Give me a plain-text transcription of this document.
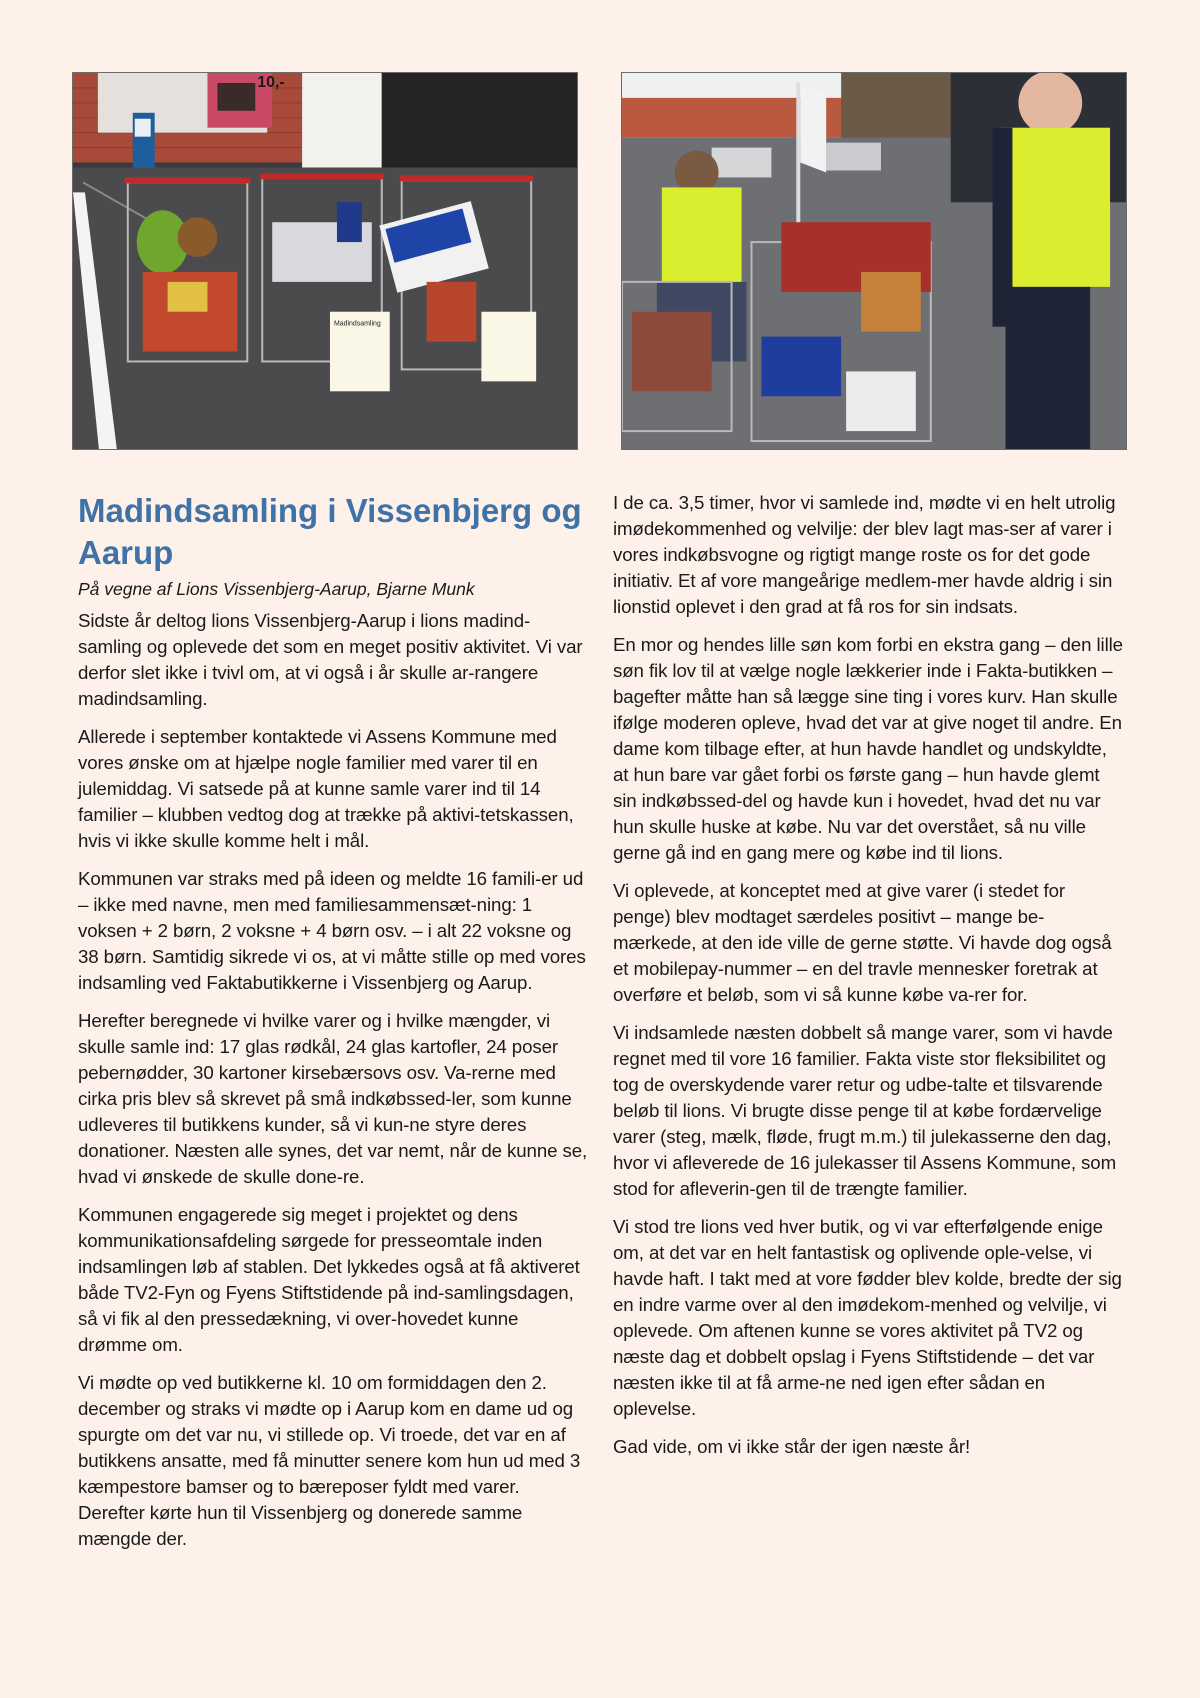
10,-
Madindsamling
Madindsamling i Vissenbjerg og Aarup
På vegne af Lions Vissenbjerg-Aarup, Bjarne Munk

Sidste år deltog lions Vissenbjerg-Aarup i lions madind-samling og oplevede det som en meget positiv aktivitet. Vi var derfor slet ikke i tvivl om, at vi også i år skulle ar-rangere madindsamling.

Allerede i september kontaktede vi Assens Kommune med vores ønske om at hjælpe nogle familier med varer til en julemiddag. Vi satsede på at kunne samle varer ind til 14 familier – klubben vedtog dog at trække på aktivi-tetskassen, hvis vi ikke skulle komme helt i mål.

Kommunen var straks med på ideen og meldte 16 famili-er ud – ikke med navne, men med familiesammensæt-ning: 1 voksen + 2 børn, 2 voksne + 4 børn osv. – i alt 22 voksne og 38 børn. Samtidig sikrede vi os, at vi måtte stille op med vores indsamling ved Faktabutikkerne i Vissenbjerg og Aarup.

Herefter beregnede vi hvilke varer og i hvilke mængder, vi skulle samle ind: 17 glas rødkål, 24 glas kartofler, 24 poser pebernødder, 30 kartoner kirsebærsovs osv. Va-rerne med cirka pris blev så skrevet på små indkøbssed-ler, som kunne udleveres til butikkens kunder, så vi kun-ne styre deres donationer. Næsten alle synes, det var nemt, når de kunne se, hvad vi ønskede de skulle done-re.

Kommunen engagerede sig meget i projektet og dens kommunikationsafdeling sørgede for presseomtale inden indsamlingen løb af stablen. Det lykkedes også at få aktiveret både TV2-Fyn og Fyens Stiftstidende på ind-samlingsdagen, så vi fik al den pressedækning, vi over-hovedet kunne drømme om.

Vi mødte op ved butikkerne kl. 10 om formiddagen den 2. december og straks vi mødte op i Aarup kom en dame ud og spurgte om det var nu, vi stillede op. Vi troede, det var en af butikkens ansatte, med få minutter senere kom hun ud med 3 kæmpestore bamser og to bæreposer fyldt med varer. Derefter kørte hun til Vissenbjerg og donerede samme mængde der.

I de ca. 3,5 timer, hvor vi samlede ind, mødte vi en helt utrolig imødekommenhed og velvilje: der blev lagt mas-ser af varer i vores indkøbsvogne og rigtigt mange roste os for det gode initiativ. Et af vore mangeårige medlem-mer havde aldrig i sin lionstid oplevet i den grad at få ros for sin indsats.

En mor og hendes lille søn kom forbi en ekstra gang – den lille søn fik lov til at vælge nogle lækkerier inde i Fakta-butikken – bagefter måtte han så lægge sine ting i vores kurv. Han skulle ifølge moderen opleve, hvad det var at give noget til andre. En dame kom tilbage efter, at hun havde handlet og undskyldte, at hun bare var gået forbi os første gang – hun havde glemt sin indkøbssed-del og havde kun i hovedet, hvad det nu var hun skulle huske at købe. Nu var det overstået, så nu ville gerne gå ind en gang mere og købe ind til lions.

Vi oplevede, at konceptet med at give varer (i stedet for penge) blev modtaget særdeles positivt – mange be-mærkede, at den ide ville de gerne støtte. Vi havde dog også et mobilepay-nummer – en del travle mennesker foretrak at overføre et beløb, som vi så kunne købe va-rer for.

Vi indsamlede næsten dobbelt så mange varer, som vi havde regnet med til vore 16 familier. Fakta viste stor fleksibilitet og tog de overskydende varer retur og udbe-talte et tilsvarende beløb til lions. Vi brugte disse penge til at købe fordærvelige varer (steg, mælk, fløde, frugt m.m.) til julekasserne den dag, hvor vi afleverede de 16 julekasser til Assens Kommune, som stod for afleverin-gen til de trængte familier.

Vi stod tre lions ved hver butik, og vi var efterfølgende enige om, at det var en helt fantastisk og oplivende ople-velse, vi havde haft. I takt med at vore fødder blev kolde, bredte der sig en indre varme over al den imødekom-menhed og velvilje, vi oplevede. Om aftenen kunne se vores aktivitet på TV2 og næste dag et dobbelt opslag i Fyens Stiftstidende – det var næsten ikke til at få arme-ne ned igen efter sådan en oplevelse.

Gad vide, om vi ikke står der igen næste år!
